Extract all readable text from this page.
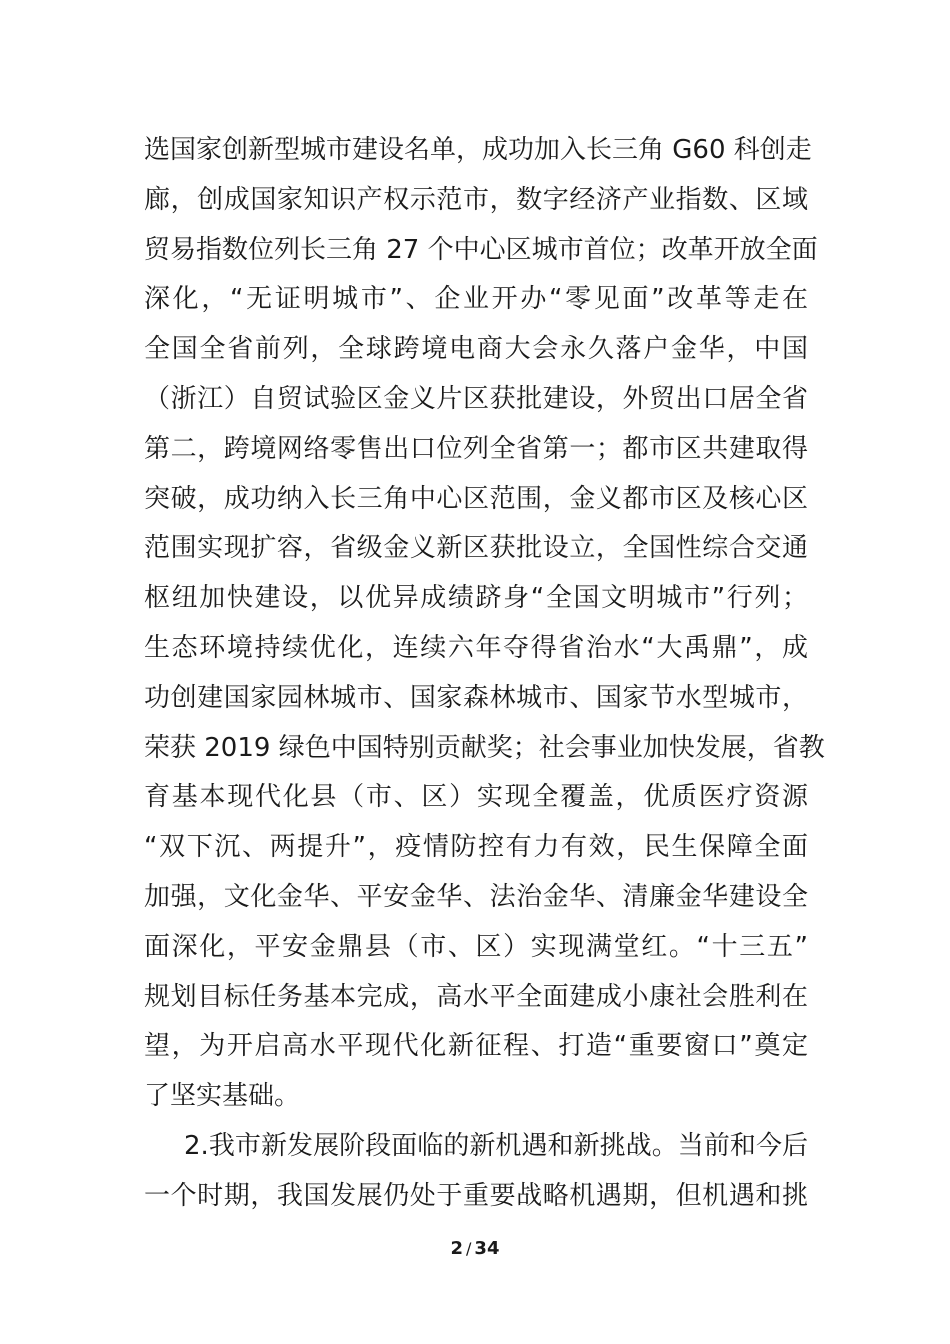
选国家创新型城市建设名单，成功加入长三角 G60 科创走
廊，创成国家知识产权示范市，数字经济产业指数、区域
贸易指数位列长三角 27 个中心区城市首位；改革开放全面
深化，“无证明城市”、企业开办“零见面”改革等走在
全国全省前列，全球跨境电商大会永久落户金华，中国
（浙江）自贸试验区金义片区获批建设，外贸出口居全省
第二，跨境网络零售出口位列全省第一；都市区共建取得
突破，成功纳入长三角中心区范围，金义都市区及核心区
范围实现扩容，省级金义新区获批设立，全国性综合交通
枢纽加快建设，以优异成绩跻身“全国文明城市”行列；
生态环境持续优化，连续六年夺得省治水“大禹鼎”，成
功创建国家园林城市、国家森林城市、国家节水型城市，
荣获 2019 绿色中国特别贡献奖；社会事业加快发展，省教
育基本现代化县（市、区）实现全覆盖，优质医疗资源
“双下沉、两提升”，疫情防控有力有效，民生保障全面
加强，文化金华、平安金华、法治金华、清廉金华建设全
面深化，平安金鼎县（市、区）实现满堂红。“十三五”
规划目标任务基本完成，高水平全面建成小康社会胜利在
望，为开启高水平现代化新征程、打造“重要窗口”奠定
了坚实基础。
2.我市新发展阶段面临的新机遇和新挑战。当前和今后
一个时期，我国发展仍处于重要战略机遇期，但机遇和挑
2 / 34
